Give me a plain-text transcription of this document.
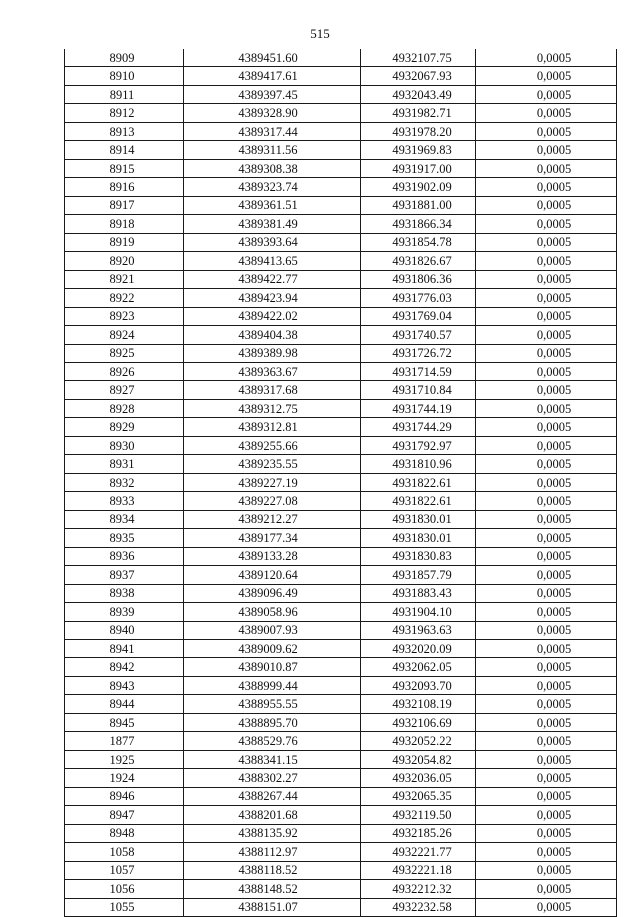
515
8909	4389451.60	4932107.75	0,0005
8910	4389417.61	4932067.93	0,0005
8911	4389397.45	4932043.49	0,0005
8912	4389328.90	4931982.71	0,0005
8913	4389317.44	4931978.20	0,0005
8914	4389311.56	4931969.83	0,0005
8915	4389308.38	4931917.00	0,0005
8916	4389323.74	4931902.09	0,0005
8917	4389361.51	4931881.00	0,0005
8918	4389381.49	4931866.34	0,0005
8919	4389393.64	4931854.78	0,0005
8920	4389413.65	4931826.67	0,0005
8921	4389422.77	4931806.36	0,0005
8922	4389423.94	4931776.03	0,0005
8923	4389422.02	4931769.04	0,0005
8924	4389404.38	4931740.57	0,0005
8925	4389389.98	4931726.72	0,0005
8926	4389363.67	4931714.59	0,0005
8927	4389317.68	4931710.84	0,0005
8928	4389312.75	4931744.19	0,0005
8929	4389312.81	4931744.29	0,0005
8930	4389255.66	4931792.97	0,0005
8931	4389235.55	4931810.96	0,0005
8932	4389227.19	4931822.61	0,0005
8933	4389227.08	4931822.61	0,0005
8934	4389212.27	4931830.01	0,0005
8935	4389177.34	4931830.01	0,0005
8936	4389133.28	4931830.83	0,0005
8937	4389120.64	4931857.79	0,0005
8938	4389096.49	4931883.43	0,0005
8939	4389058.96	4931904.10	0,0005
8940	4389007.93	4931963.63	0,0005
8941	4389009.62	4932020.09	0,0005
8942	4389010.87	4932062.05	0,0005
8943	4388999.44	4932093.70	0,0005
8944	4388955.55	4932108.19	0,0005
8945	4388895.70	4932106.69	0,0005
1877	4388529.76	4932052.22	0,0005
1925	4388341.15	4932054.82	0,0005
1924	4388302.27	4932036.05	0,0005
8946	4388267.44	4932065.35	0,0005
8947	4388201.68	4932119.50	0,0005
8948	4388135.92	4932185.26	0,0005
1058	4388112.97	4932221.77	0,0005
1057	4388118.52	4932221.18	0,0005
1056	4388148.52	4932212.32	0,0005
1055	4388151.07	4932232.58	0,0005
